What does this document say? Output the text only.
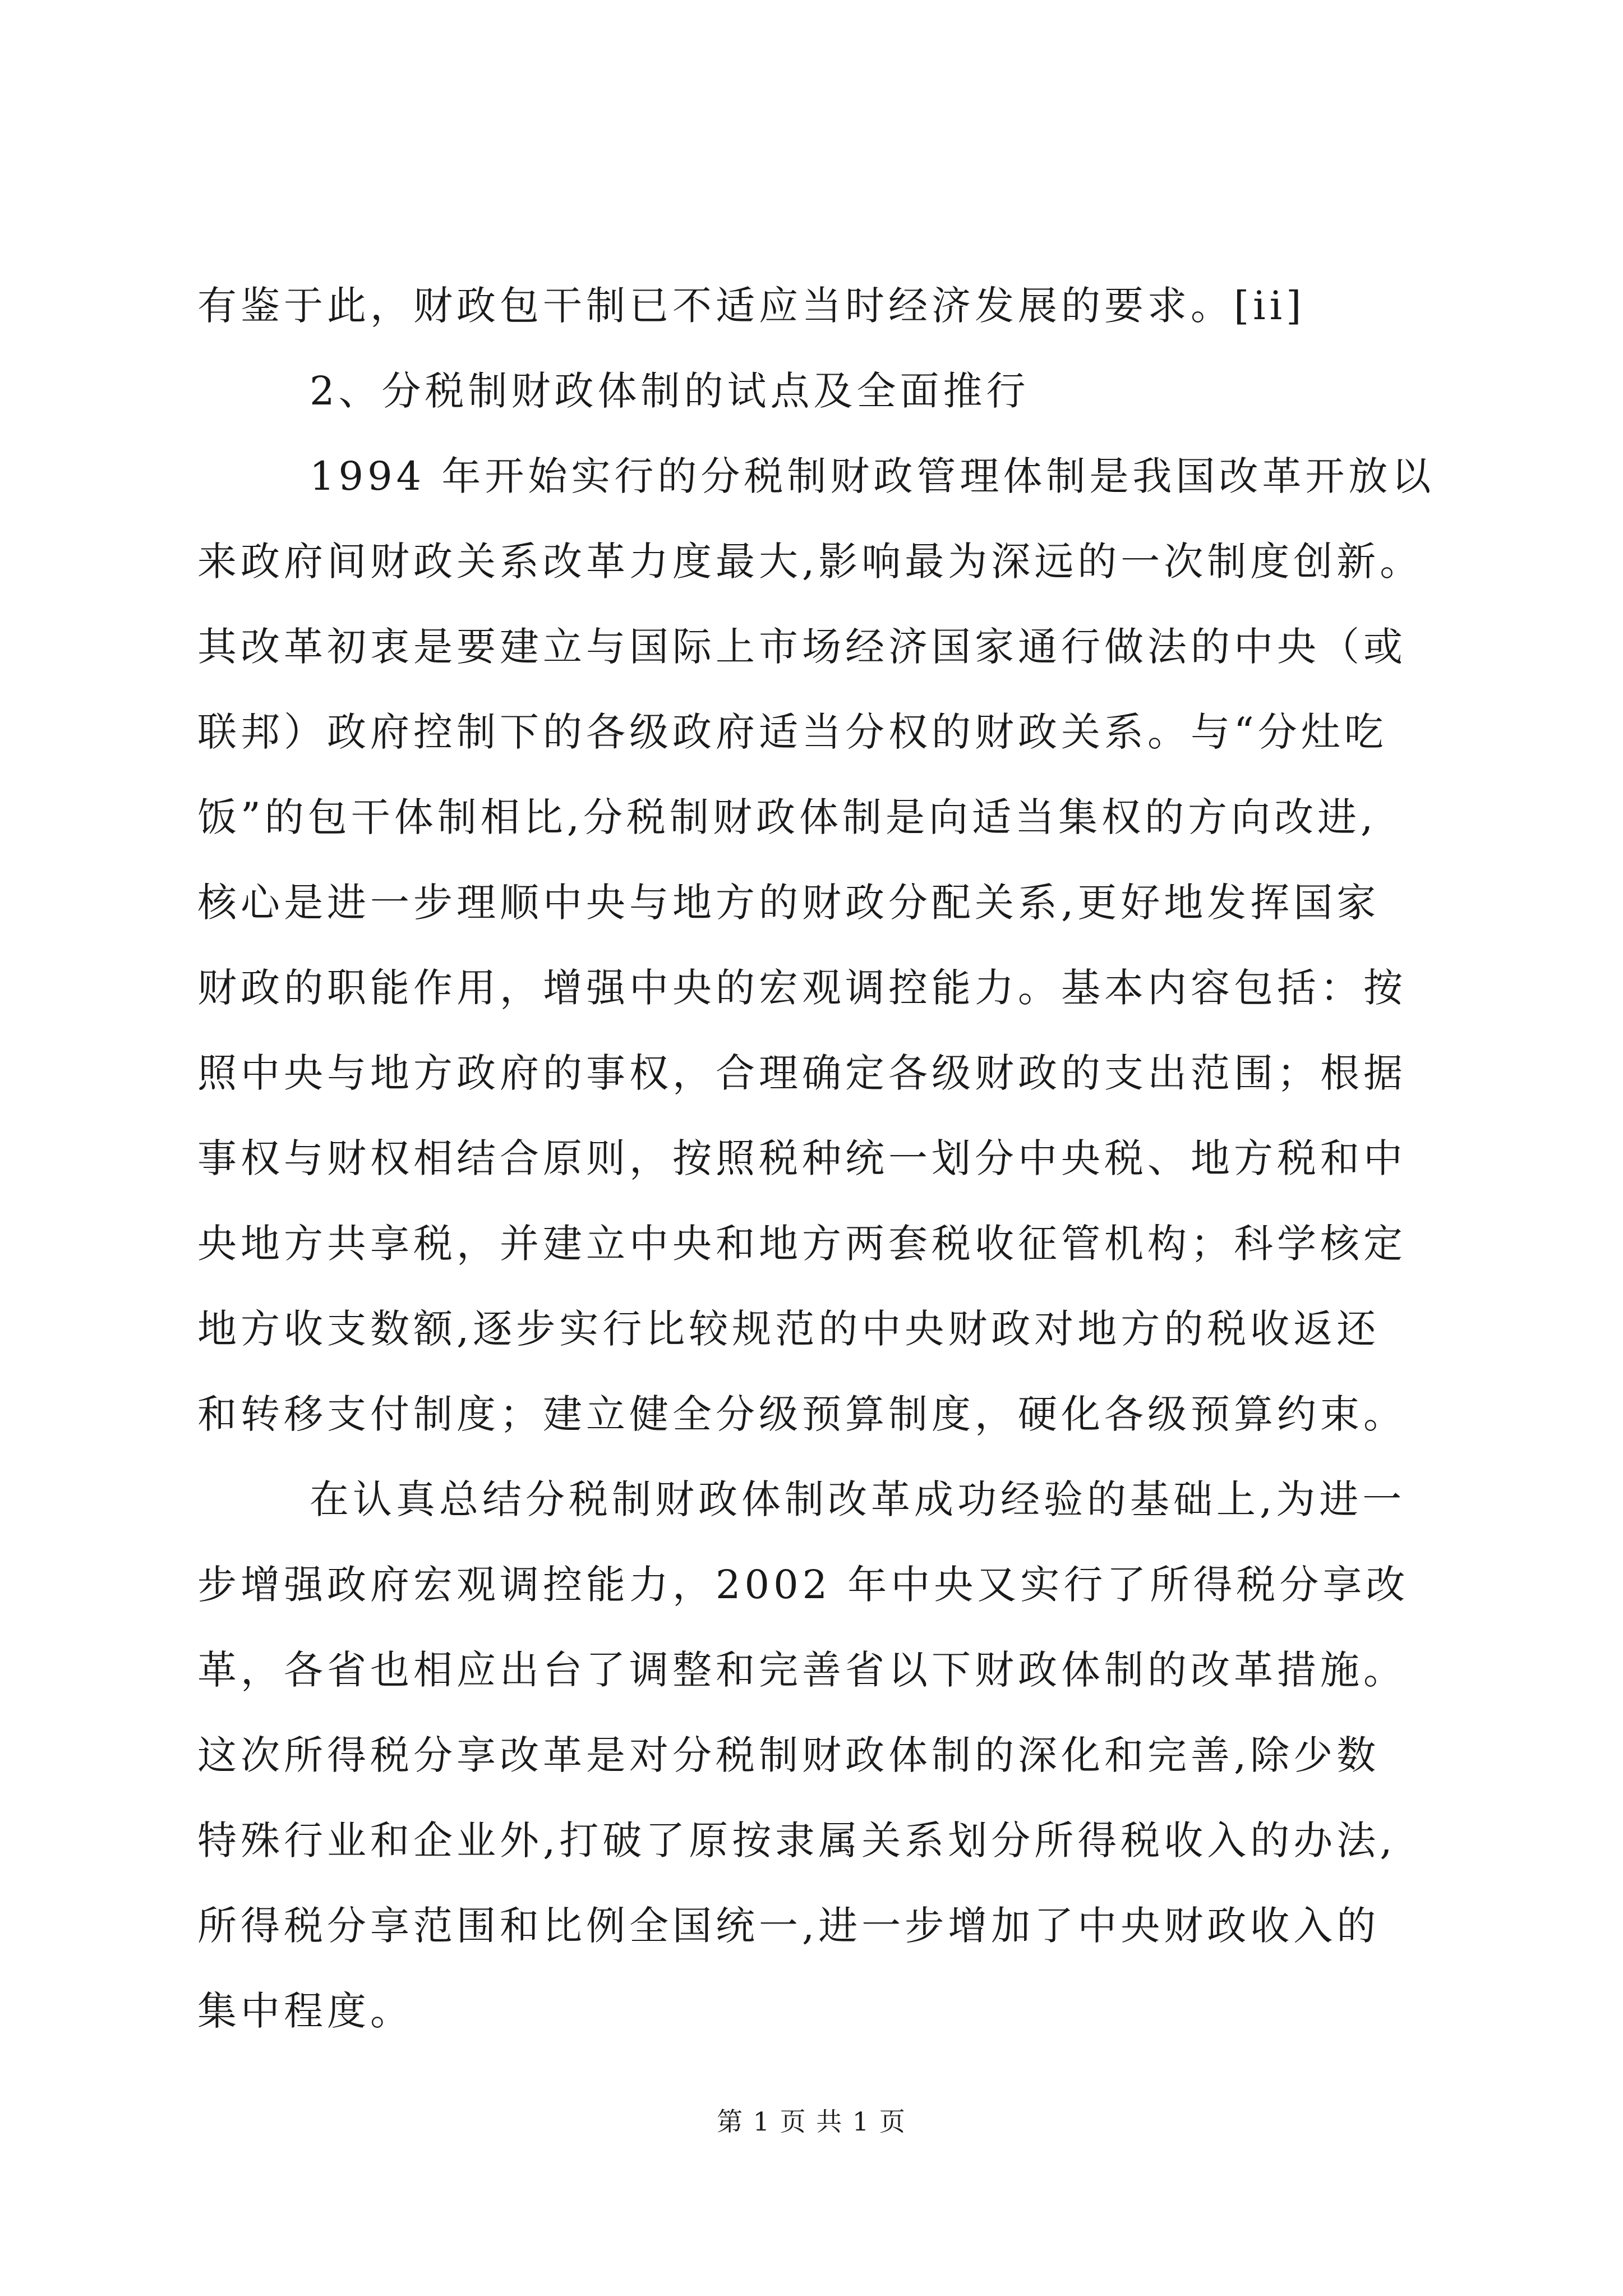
有鉴于此，财政包干制已不适应当时经济发展的要求。[ii]
2、分税制财政体制的试点及全面推行
1994 年开始实行的分税制财政管理体制是我国改革开放以
来政府间财政关系改革力度最大,影响最为深远的一次制度创新。
其改革初衷是要建立与国际上市场经济国家通行做法的中央（或
联邦）政府控制下的各级政府适当分权的财政关系。与“分灶吃
饭”的包干体制相比,分税制财政体制是向适当集权的方向改进,
核心是进一步理顺中央与地方的财政分配关系,更好地发挥国家
财政的职能作用，增强中央的宏观调控能力。基本内容包括：按
照中央与地方政府的事权，合理确定各级财政的支出范围；根据
事权与财权相结合原则，按照税种统一划分中央税、地方税和中
央地方共享税，并建立中央和地方两套税收征管机构；科学核定
地方收支数额,逐步实行比较规范的中央财政对地方的税收返还
和转移支付制度；建立健全分级预算制度，硬化各级预算约束。
在认真总结分税制财政体制改革成功经验的基础上,为进一
步增强政府宏观调控能力，2002 年中央又实行了所得税分享改
革，各省也相应出台了调整和完善省以下财政体制的改革措施。
这次所得税分享改革是对分税制财政体制的深化和完善,除少数
特殊行业和企业外,打破了原按隶属关系划分所得税收入的办法,
所得税分享范围和比例全国统一,进一步增加了中央财政收入的
集中程度。
第 1 页 共 1 页
